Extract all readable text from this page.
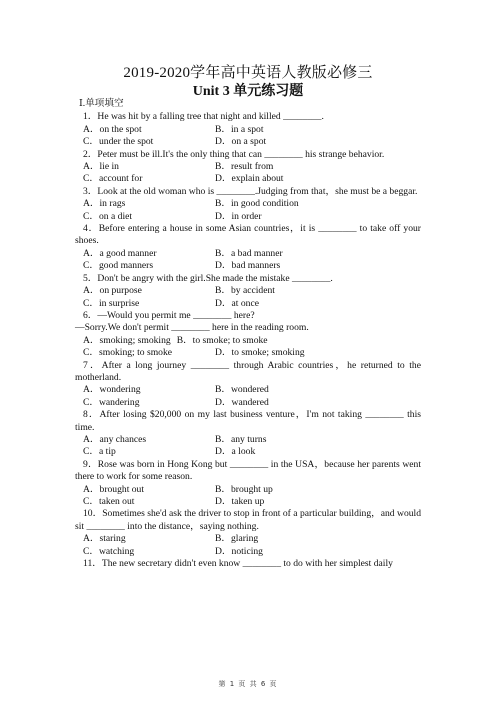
2019-2020学年高中英语人教版必修三
Unit 3 单元练习题
Ⅰ.单项填空
1．He was hit by a falling tree that night and killed ________.
A．on the spot	B．in a spot
C．under the spot	D．on a spot
2．Peter must be ill.It's the only thing that can ________ his strange behavior.
A．lie in	B．result from
C．account for	D．explain about
3．Look at the old woman who is ________.Judging from that，she must be a beggar.
A．in rags	B．in good condition
C．on a diet	D．in order
4．Before entering a house in some Asian countries，it is ________ to take off your shoes.
A．a good manner	B．a bad manner
C．good manners	D．bad manners
5．Don't be angry with the girl.She made the mistake ________.
A．on purpose	B．by accident
C．in surprise	D．at once
6．—Would you permit me ________ here?
—Sorry.We don't permit ________ here in the reading room.
A．smoking; smoking B．to smoke; to smoke
C．smoking; to smoke	D．to smoke; smoking
7．After a long journey ________ through Arabic countries，he returned to the motherland.
A．wondering	B．wondered
C．wandering	D．wandered
8．After losing $20,000 on my last business venture，I'm not taking ________ this time.
A．any chances	B．any turns
C．a tip	D．a look
9．Rose was born in Hong Kong but ________ in the USA，because her parents went there to work for some reason.
A．brought out	B．brought up
C．taken out	D．taken up
10．Sometimes she'd ask the driver to stop in front of a particular building，and would sit ________ into the distance，saying nothing.
A．staring	B．glaring
C．watching	D．noticing
11．The new secretary didn't even know ________ to do with her simplest daily
第 1 页 共 6 页
